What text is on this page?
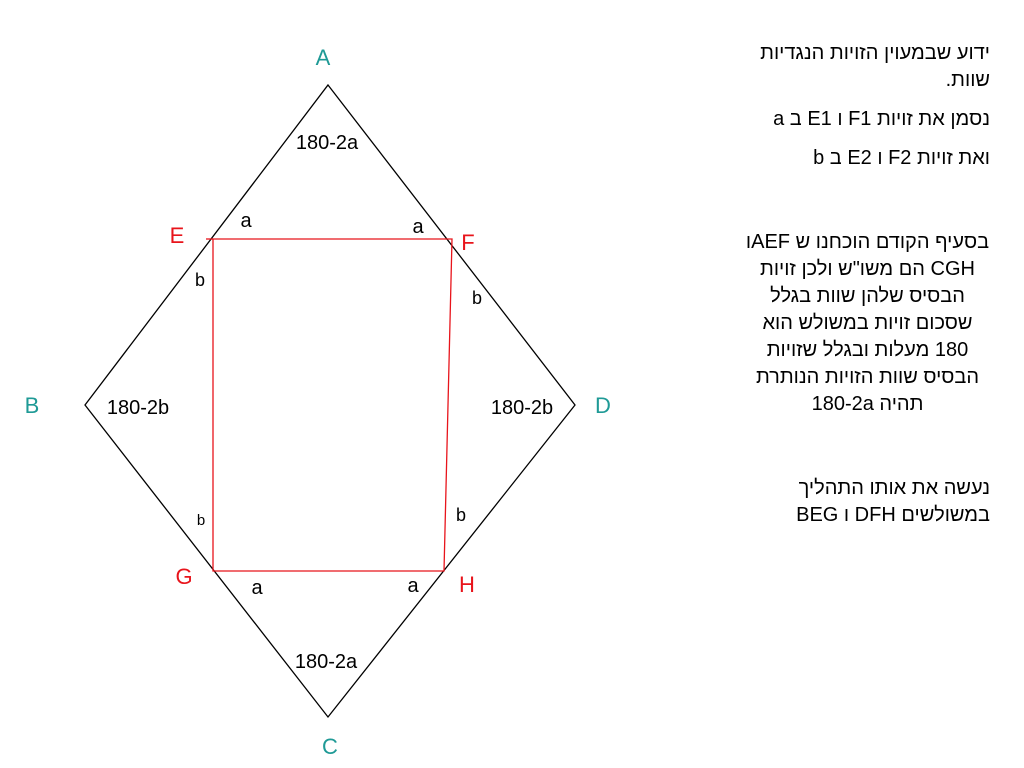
A
B
C
D
E	F
G	H
180-2a
180-2a
180-2b	180-2b
a	a
b
b
b	b
a	a

ידוע שבמעוין הזויות הנגדיות שוות.

נסמן את זויות F1 ו E1 ב a

ואת זויות F2 ו E2 ב b

בסעיף הקודם הוכחנו ש AEFו CGH הם משו"ש ולכן זויות הבסיס שלהן שוות בגלל שסכום זויות במשולש הוא 180 מעלות ובגלל שזויות הבסיס שוות הזויות הנותרת תהיה 180-2a

נעשה את אותו התהליך במשולשים DFH ו BEG
